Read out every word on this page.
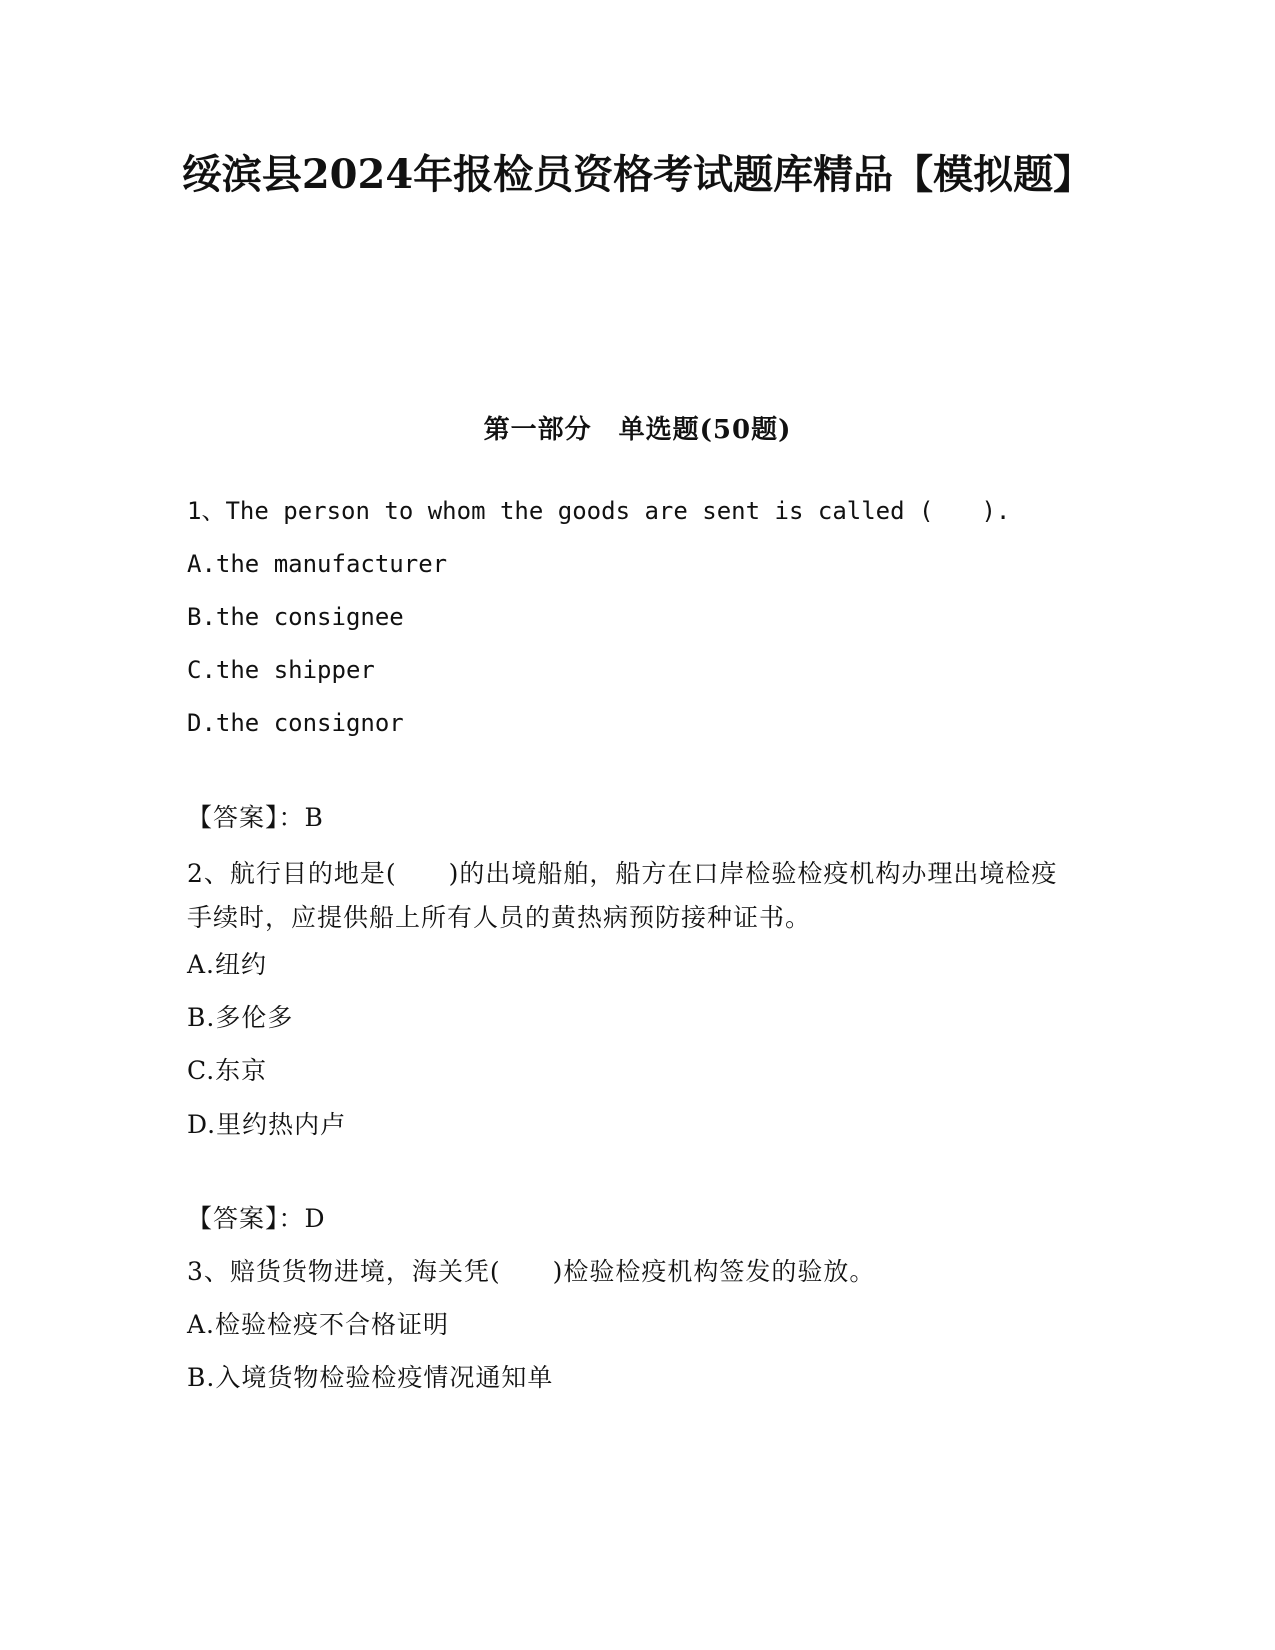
绥滨县2024年报检员资格考试题库精品【模拟题】
第一部分　单选题(50题)

1、The person to whom the goods are sent is called (　　).

A.the manufacturer

B.the consignee

C.the shipper

D.the consignor

【答案】：B

2、航行目的地是(　　)的出境船舶，船方在口岸检验检疫机构办理出境检疫手续时，应提供船上所有人员的黄热病预防接种证书。

A.纽约

B.多伦多

C.东京

D.里约热内卢

【答案】：D

3、赔货货物进境，海关凭(　　)检验检疫机构签发的验放。

A.检验检疫不合格证明

B.入境货物检验检疫情况通知单
